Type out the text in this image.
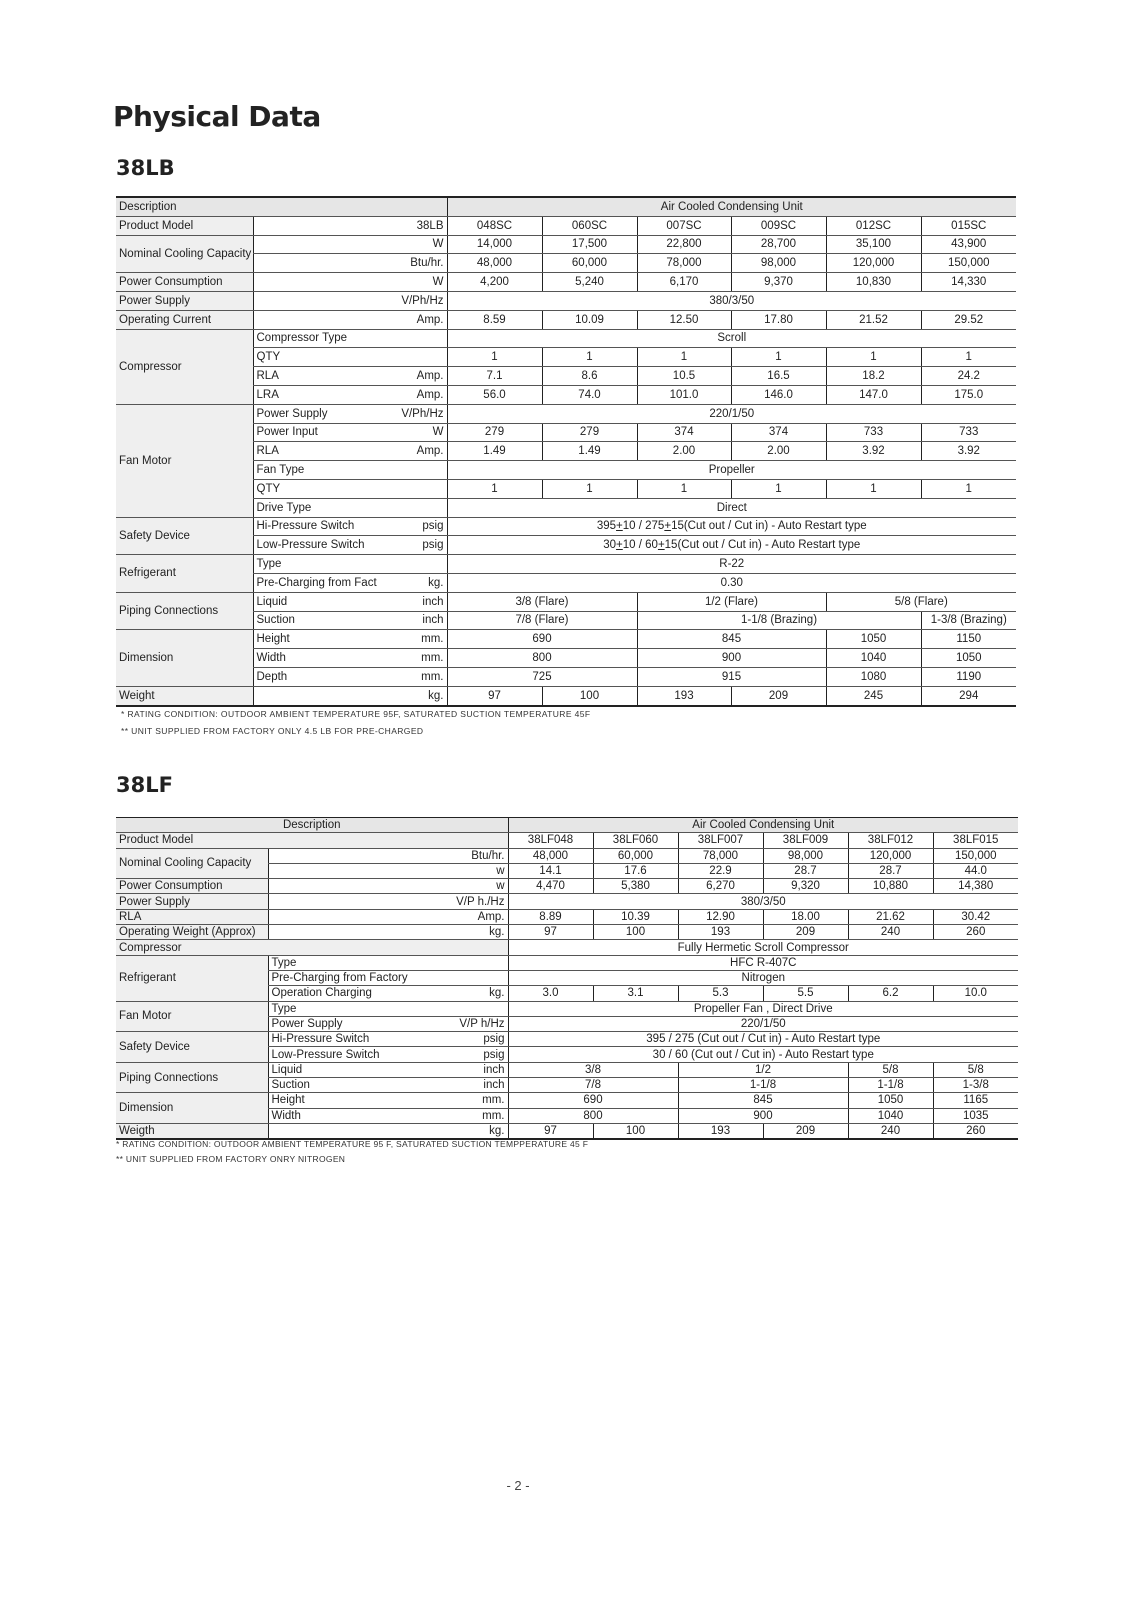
Physical Data
38LB
Description			Air Cooled Condensing Unit					
Product Model	38LB		048SC	060SC	007SC	009SC	012SC	015SC
Nominal Cooling Capacity	W		14,000	17,500	22,800	28,700	35,100	43,900
	Btu/hr.		48,000	60,000	78,000	98,000	120,000	150,000
Power Consumption	W		4,200	5,240	6,170	9,370	10,830	14,330
Power Supply	V/Ph/Hz		380/3/50					
Operating Current	Amp.		8.59	10.09	12.50	17.80	21.52	29.52
Compressor	Compressor Type		Scroll					
	QTY		1	1	1	1	1	1
	RLA	Amp.	7.1	8.6	10.5	16.5	18.2	24.2
	LRA	Amp.	56.0	74.0	101.0	146.0	147.0	175.0
Fan Motor	Power Supply	V/Ph/Hz	220/1/50					
	Power Input	W	279	279	374	374	733	733
	RLA	Amp.	1.49	1.49	2.00	2.00	3.92	3.92
	Fan Type		Propeller					
	QTY		1	1	1	1	1	1
	Drive Type		Direct					
Safety Device	Hi-Pressure Switch	psig	395+10 / 275+15(Cut out / Cut in) - Auto Restart type					
	Low-Pressure Switch	psig	30+10 / 60+15(Cut out / Cut in) - Auto Restart type					
Refrigerant	Type		R-22					
	Pre-Charging from Fact	kg.	0.30					
Piping Connections	Liquid	inch	3/8 (Flare)		1/2 (Flare)		5/8 (Flare)	
	Suction	inch	7/8 (Flare)		1-1/8 (Brazing)			1-3/8 (Brazing)
Dimension	Height	mm.	690		845		1050	1150
	Width	mm.	800		900		1040	1050
	Depth	mm.	725		915		1080	1190
Weight	kg.		97	100	193	209	245	294

* RATING CONDITION: OUTDOOR AMBIENT TEMPERATURE 95F, SATURATED SUCTION TEMPERATURE 45F

** UNIT SUPPLIED FROM FACTORY ONLY 4.5 LB FOR PRE-CHARGED

38LF
Description			Air Cooled Condensing Unit					
Product Model			38LF048	38LF060	38LF007	38LF009	38LF012	38LF015
Nominal Cooling Capacity	Btu/hr.		48,000	60,000	78,000	98,000	120,000	150,000
	w		14.1	17.6	22.9	28.7	28.7	44.0
Power Consumption	w		4,470	5,380	6,270	9,320	10,880	14,380
Power Supply	V/P h./Hz		380/3/50					
RLA	Amp.		8.89	10.39	12.90	18.00	21.62	30.42
Operating Weight (Approx)	kg.		97	100	193	209	240	260
Compressor			Fully Hermetic Scroll Compressor					
Refrigerant	Type		HFC R-407C					
	Pre-Charging from Factory		Nitrogen					
	Operation Charging	kg.	3.0	3.1	5.3	5.5	6.2	10.0
Fan Motor	Type		Propeller Fan , Direct Drive					
	Power Supply	V/P h/Hz	220/1/50					
Safety Device	Hi-Pressure Switch	psig	395 / 275 (Cut out / Cut in) - Auto Restart type					
	Low-Pressure Switch	psig	30 / 60 (Cut out / Cut in) - Auto Restart type					
Piping Connections	Liquid	inch	3/8		1/2		5/8	5/8
	Suction	inch	7/8		1-1/8		1-1/8	1-3/8
Dimension	Height	mm.	690		845		1050	1165
	Width	mm.	800		900		1040	1035
Weigth	kg.		97	100	193	209	240	260

* RATING CONDITION: OUTDOOR AMBIENT TEMPERATURE 95 F, SATURATED SUCTION TEMPPERATURE 45 F

** UNIT SUPPLIED FROM FACTORY ONRY NITROGEN

- 2 -
